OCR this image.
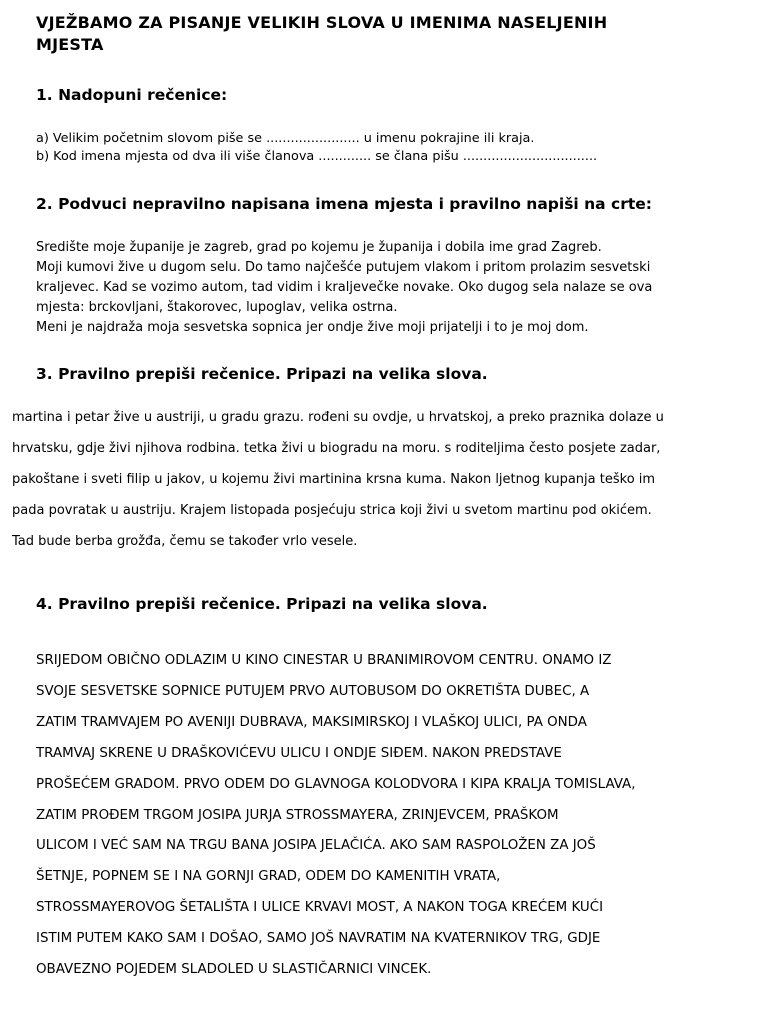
VJEŽBAMO ZA PISANJE VELIKIH SLOVA U IMENIMA NASELJENIH
MJESTA
1. Nadopuni rečenice:
a) Velikim početnim slovom piše se ....................... u imenu pokrajine ili kraja.
b) Kod imena mjesta od dva ili više članova ............. se člana pišu .................................
2. Podvuci nepravilno napisana imena mjesta i pravilno napiši na crte:
Središte moje županije je zagreb, grad po kojemu je županija i dobila ime grad Zagreb.
Moji kumovi žive u dugom selu. Do tamo najčešće putujem vlakom i pritom prolazim sesvetski
kraljevec. Kad se vozimo autom, tad vidim i kraljevečke novake. Oko dugog sela nalaze se ova
mjesta: brckovljani, štakorovec, lupoglav, velika ostrna.
Meni je najdraža moja sesvetska sopnica jer ondje žive moji prijatelji i to je moj dom.
3. Pravilno prepiši rečenice. Pripazi na velika slova.
martina i petar žive u austriji, u gradu grazu. rođeni su ovdje, u hrvatskoj, a preko praznika dolaze u
hrvatsku, gdje živi njihova rodbina. tetka živi u biogradu na moru. s roditeljima često posjete zadar,
pakoštane i sveti filip u jakov, u kojemu živi martinina krsna kuma. Nakon ljetnog kupanja teško im
pada povratak u austriju. Krajem listopada posjećuju strica koji živi u svetom martinu pod okićem.
Tad bude berba grožđa, čemu se također vrlo vesele.
4. Pravilno prepiši rečenice. Pripazi na velika slova.
SRIJEDOM OBIČNO ODLAZIM U KINO CINESTAR U BRANIMIROVOM CENTRU. ONAMO IZ
SVOJE SESVETSKE SOPNICE PUTUJEM PRVO AUTOBUSOM DO OKRETIŠTA DUBEC, A
ZATIM TRAMVAJEM PO AVENIJI DUBRAVA, MAKSIMIRSKOJ I VLAŠKOJ ULICI, PA ONDA
TRAMVAJ SKRENE U DRAŠKOVIĆEVU ULICU I ONDJE SIĐEM. NAKON PREDSTAVE
PROŠEĆEM GRADOM. PRVO ODEM DO GLAVNOGA KOLODVORA I KIPA KRALJA TOMISLAVA,
ZATIM PROĐEM TRGOM JOSIPA JURJA STROSSMAYERA, ZRINJEVCEM, PRAŠKOM
ULICOM I VEĆ SAM NA TRGU BANA JOSIPA JELAČIĆA. AKO SAM RASPOLOŽEN ZA JOŠ
ŠETNJE, POPNEM SE I NA GORNJI GRAD, ODEM DO KAMENITIH VRATA,
STROSSMAYEROVOG ŠETALIŠTA I ULICE KRVAVI MOST, A NAKON TOGA KREĆEM KUĆI
ISTIM PUTEM KAKO SAM I DOŠAO, SAMO JOŠ NAVRATIM NA KVATERNIKOV TRG, GDJE
OBAVEZNO POJEDEM SLADOLED U SLASTIČARNICI VINCEK.
